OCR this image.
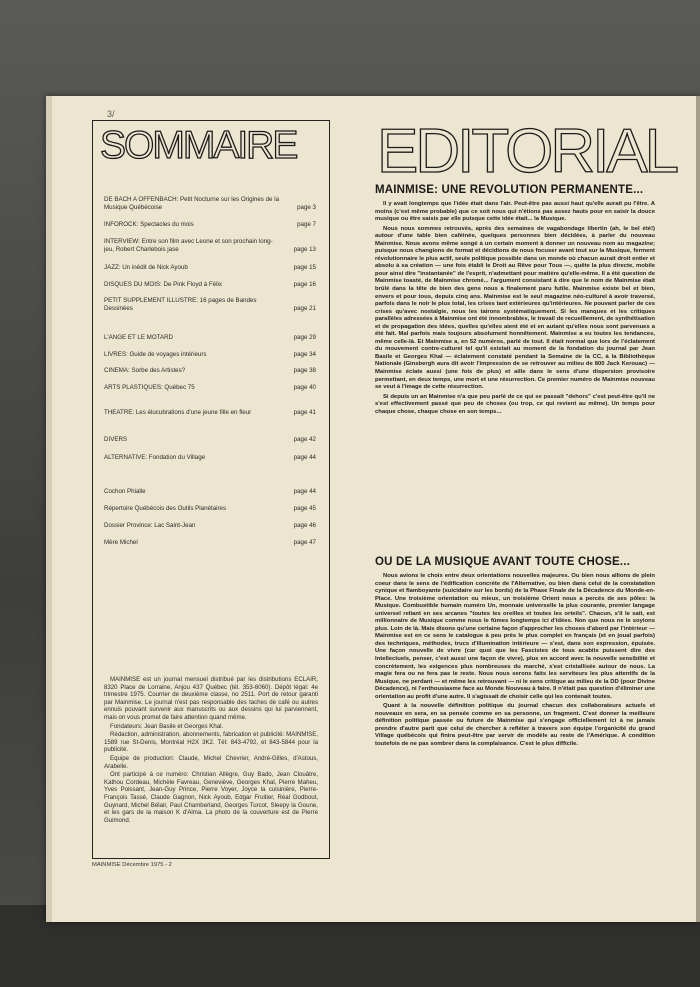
3/
SOMMAIRE EDITORIAL
DE BACH A OFFENBACH: Petit Nocturne sur les Origines de la Musique Québécoise	page 3
INFOROCK: Spectacles du mois	page 7
INTERVIEW: Entre son film avec Leone et son prochain long-jeu, Robert Charlebois jase	page 13
JAZZ: Un inédit de Nick Ayoub	page 15
DISQUES DU MOIS: De Pink Floyd à Félix	page 16
PETIT SUPPLEMENT ILLUSTRE: 16 pages de Bandes Dessinées	page 21
L'ANGE ET LE MOTARD	page 29
LIVRES: Guide de voyages intérieurs	page 34
CINEMA: Sorbe des Artistes?	page 38
ARTS PLASTIQUES: Québec 75	page 40
THEATRE: Les élucubrations d'une jeune fille en fleur	page 41
DIVERS	page 42
ALTERNATIVE: Fondation du Village	page 44
Cochon Phialle	page 44
Répertoire Québécois des Outils Planétaires	page 45
Dossier Province: Lac Saint-Jean	page 46
Mère Michel	page 47

MAINMISE est un journal mensuel distribué par les distributions ECLAIR, 8320 Place de Lorraine, Anjou 437 Québec (tél. 353-6060). Dépôt légal: 4e trimestre 1975. Courrier de deuxième classe, no 2511. Port de retour garanti par Mainmise. Le journal n'est pas responsable des taches de café ou autres ennuis pouvant survenir aux manuscrits ou aux dessins qui lui parviennent, mais on vous promet de faire attention quand même.

Fondateurs: Jean Basile et Georges Khal.

Rédaction, administration, abonnements, fabrication et publicité: MAINMISE, 1589 rue St-Denis, Montréal H2X 3K2. Tél: 843-4792, et 843-5844 pour la publicité.

Equipe de production: Claude, Michel Chevrier, André-Gilles, d'Astous, Arabelle.

Ont participé à ce numéro: Christian Allègre, Guy Bado, Jean Clouâtre, Kathou Cordeau, Michèle Favreau, Geneviève, Georges Khal, Pierre Maheu, Yves Poissant, Jean-Guy Prince, Pierre Voyer, Joyce la cuisinière, Pierre-François Tassé, Claude Gagnon, Nick Ayoub, Edgar Fruitier, Réal Godbout, Guynard, Michel Bélair, Paul Chamberland, Georges Turcot, Sleepy la Goune, et les gars de la maison K d'Alma. La photo de la couverture est de Pierre Guimond.

MAINMISE Décembre 1975 - 2
MAINMISE: UNE REVOLUTION PERMANENTE...

Il y avait longtemps que l'idée était dans l'air. Peut-être pas aussi haut qu'elle aurait pu l'être. A moins (c'est même probable) que ce soit nous qui n'étions pas assez hauts pour en saisir la douce musique ou être saisis par elle puisque cette idée était... la Musique.

Nous nous sommes retrouvés, après des semaines de vagabondage libertin (ah, le bel été!) autour d'une table bien caféinée, quelques personnes bien décidées, à parler du nouveau Mainmise. Nous avons même songé à un certain moment à donner un nouveau nom au magazine; puisque nous changions de format et décidions de nous focuser avant tout sur la Musique, ferment révolutionnaire le plus actif, seule politique possible dans un monde où chacun aurait droit entier et absolu à sa création — une fois établi le Droit au Rêve pour Tous —, quête la plus directe, mobile pour ainsi dire "instantanée" de l'esprit, n'admettant pour matière qu'elle-même. Il a été question de Mainmise toasté, de Mainmise chromé... l'argument consistant à dire que le nom de Mainmise était brûlé dans la tête de bien des gens nous a finalement paru futile. Mainmise existe bel et bien, envers et pour tous, depuis cinq ans. Mainmise est le seul magazine néo-culturel à avoir traversé, parfois dans le noir le plus total, les crises tant extérieures qu'intérieures. Ne pouvant parler de ces crises qu'avec nostalgie, nous les tairons systématiquement. Si les manques et les critiques parallèles adressées à Mainmise ont été innombrables, le travail de recueillement, de synthétisation et de propagation des idées, quelles qu'elles aient été et en autant qu'elles nous sont parvenues a été fait. Mal parfois mais toujours absolument honnêtement. Mainmise a eu toutes les tendances, même celle-là. Et Mainmise a, en 52 numéros, parlé de tout. Il était normal que lors de l'éclatement du mouvement contre-culturel tel qu'il existait au moment de la fondation du journal par Jean Basile et Georges Khal — éclatement constaté pendant la Semaine de la CC, à la Bibliothèque Nationale (Ginsbergh aura dit avoir l'impression de se retrouver au milieu de 800 Jack Kerouac) — Mainmise éclate aussi (une fois de plus) et aille dans le sens d'une dispersion provisoire permettant, en deux temps, une mort et une résurrection. Ce premier numéro de Mainmise nouveau se veut à l'image de cette résurrection.

Si depuis un an Mainmise n'a que peu parlé de ce qui se passait "dehors" c'est peut-être qu'il ne s'est effectivement passé que peu de choses (ou trop, ce qui revient au même). Un temps pour chaque chose, chaque chose en son temps...

OU DE LA MUSIQUE AVANT TOUTE CHOSE...

Nous avions le choix entre deux orientations nouvelles majeures. Ou bien nous allions de plein coeur dans le sens de l'édification concrète de l'Alternative, ou bien dans celui de la constatation cynique et flamboyante (suicidaire sur les bords) de la Phase Finale de la Décadence du Monde-en-Place. Une troisième orientation ou mieux, un troisième Orient nous a percés de ses pôles: la Musique. Combustible humain numéro Un, monnaie universelle la plus courante, premier langage universel reliant en ses arcanes "toutes les oreilles et toutes les orteils". Chacun, s'il le sait, est millionnaire de Musique comme nous le fûmes longtemps ici d'idées. Non que nous ne le soyions plus. Loin de là. Mais disons qu'une certaine façon d'approcher les choses d'abord par l'intérieur — Mainmise est en ce sens le catalogue à peu près le plus complet en français (et en joual parfois) des techniques, méthodes, trucs d'illumination intérieure — s'est, dans son expression, épuisée. Une façon nouvelle de vivre (car quoi que les Fascistes de tous acabits puissent dire des Intellectuels, penser, c'est aussi une façon de vivre), plus en accord avec la nouvelle sensibilité et concrètement, les exigences plus nombreuses du marché, s'est cristallisée autour de nous. La magie fera ou ne fera pas le reste. Nous nous serons faits les serviteurs les plus attentifs de la Musique, ne perdant — et même les retrouvant — ni le sens critique au milieu de la DD (pour Divine Décadence), ni l'enthousiasme face au Monde Nouveau à faire. Il n'était pas question d'éliminer une orientation au profit d'une autre. Il s'agissait de choisir celle qui les contenait toutes.

Quant à la nouvelle définition politique du journal chacun des collaborateurs actuels et nouveaux en sera, en sa pensée comme en sa personne, un fragment. C'est donner la meilleure définition politique passée ou future de Mainmise qui s'engage officiellement ici à ne jamais prendre d'autre parti que celui de chercher à refléter à travers son équipe l'organicité du grand Village québécois qui finira peut-être par servir de modèle au reste de l'Amérique. A condition toutefois de ne pas sombrer dans la complaisance. C'est le plus difficile.
